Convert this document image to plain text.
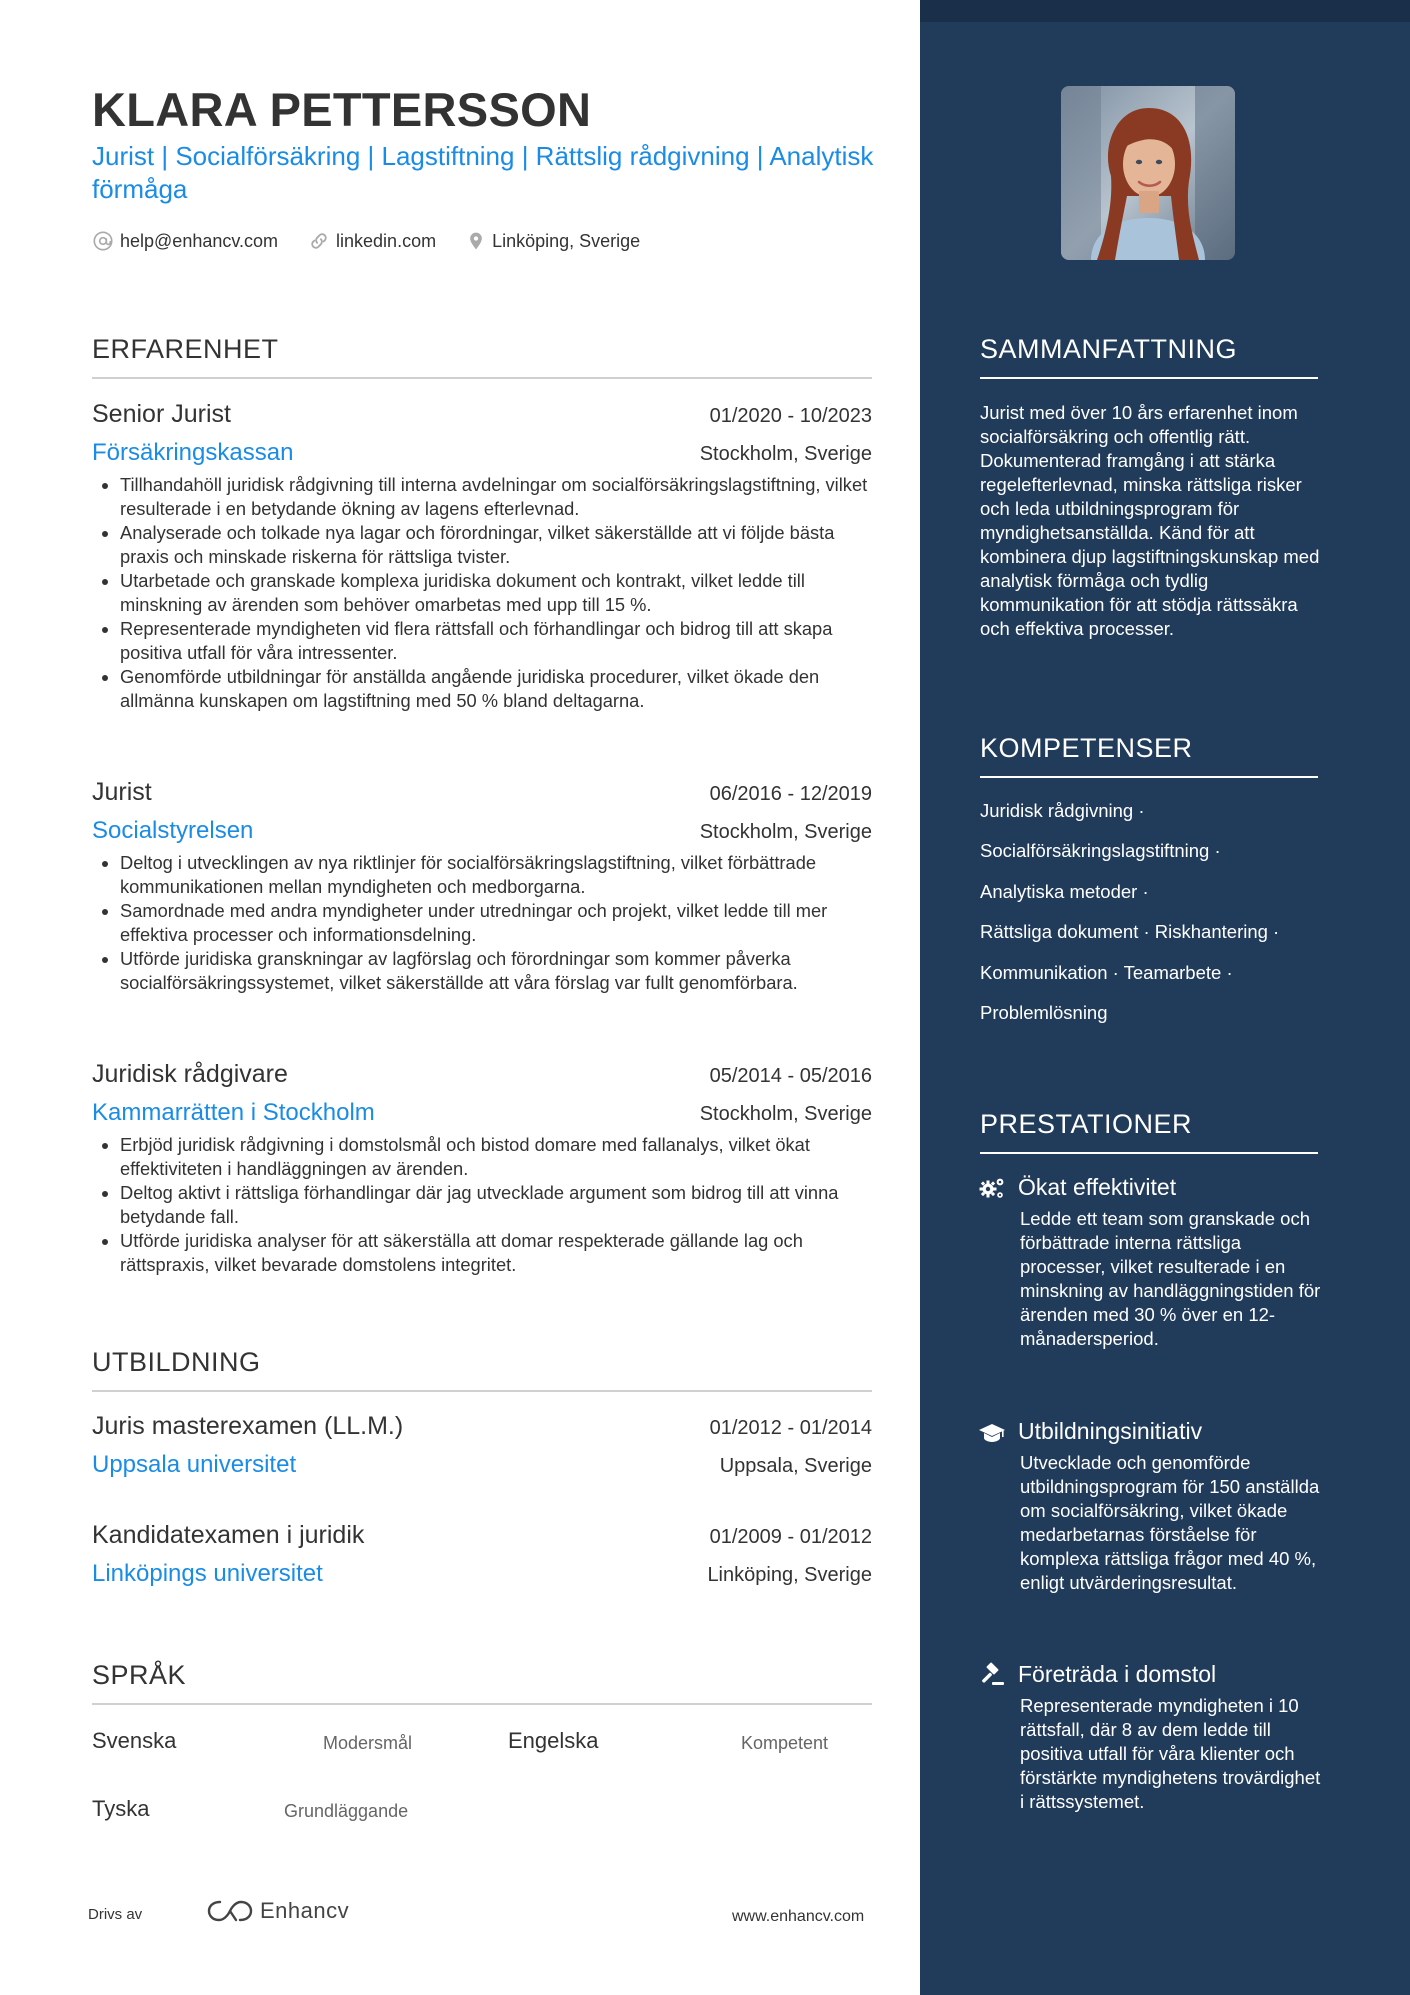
KLARA PETTERSSON
Jurist | Socialförsäkring | Lagstiftning | Rättslig rådgivning | Analytisk förmåga
help@enhancv.com	linkedin.com	Linköping, Sverige
ERFARENHET
Senior Jurist	01/2020 - 10/2023
Försäkringskassan	Stockholm, Sverige
• Tillhandahöll juridisk rådgivning till interna avdelningar om socialförsäkringslagstiftning, vilket resulterade i en betydande ökning av lagens efterlevnad.
• Analyserade och tolkade nya lagar och förordningar, vilket säkerställde att vi följde bästa praxis och minskade riskerna för rättsliga tvister.
• Utarbetade och granskade komplexa juridiska dokument och kontrakt, vilket ledde till minskning av ärenden som behöver omarbetas med upp till 15 %.
• Representerade myndigheten vid flera rättsfall och förhandlingar och bidrog till att skapa positiva utfall för våra intressenter.
• Genomförde utbildningar för anställda angående juridiska procedurer, vilket ökade den allmänna kunskapen om lagstiftning med 50 % bland deltagarna.
Jurist	06/2016 - 12/2019
Socialstyrelsen	Stockholm, Sverige
• Deltog i utvecklingen av nya riktlinjer för socialförsäkringslagstiftning, vilket förbättrade kommunikationen mellan myndigheten och medborgarna.
• Samordnade med andra myndigheter under utredningar och projekt, vilket ledde till mer effektiva processer och informationsdelning.
• Utförde juridiska granskningar av lagförslag och förordningar som kommer påverka socialförsäkringssystemet, vilket säkerställde att våra förslag var fullt genomförbara.
Juridisk rådgivare	05/2014 - 05/2016
Kammarrätten i Stockholm	Stockholm, Sverige
• Erbjöd juridisk rådgivning i domstolsmål och bistod domare med fallanalys, vilket ökat effektiviteten i handläggningen av ärenden.
• Deltog aktivt i rättsliga förhandlingar där jag utvecklade argument som bidrog till att vinna betydande fall.
• Utförde juridiska analyser för att säkerställa att domar respekterade gällande lag och rättspraxis, vilket bevarade domstolens integritet.
UTBILDNING
Juris masterexamen (LL.M.)	01/2012 - 01/2014
Uppsala universitet	Uppsala, Sverige
Kandidatexamen i juridik	01/2009 - 01/2012
Linköpings universitet	Linköping, Sverige
SPRÅK
Svenska	Modersmål	Engelska	Kompetent
Tyska	Grundläggande
Drivs av	Enhancv	www.enhancv.com
SAMMANFATTNING
Jurist med över 10 års erfarenhet inom socialförsäkring och offentlig rätt. Dokumenterad framgång i att stärka regelefterlevnad, minska rättsliga risker och leda utbildningsprogram för myndighetsanställda. Känd för att kombinera djup lagstiftningskunskap med analytisk förmåga och tydlig kommunikation för att stödja rättssäkra och effektiva processer.
KOMPETENSER
Juridisk rådgivning ·
Socialförsäkringslagstiftning ·
Analytiska metoder ·
Rättsliga dokument · Riskhantering ·
Kommunikation · Teamarbete ·
Problemlösning
PRESTATIONER
Ökat effektivitet
Ledde ett team som granskade och förbättrade interna rättsliga processer, vilket resulterade i en minskning av handläggningstiden för ärenden med 30 % över en 12-månadersperiod.
Utbildningsinitiativ
Utvecklade och genomförde utbildningsprogram för 150 anställda om socialförsäkring, vilket ökade medarbetarnas förståelse för komplexa rättsliga frågor med 40 %, enligt utvärderingsresultat.
Företräda i domstol
Representerade myndigheten i 10 rättsfall, där 8 av dem ledde till positiva utfall för våra klienter och förstärkte myndighetens trovärdighet i rättssystemet.
